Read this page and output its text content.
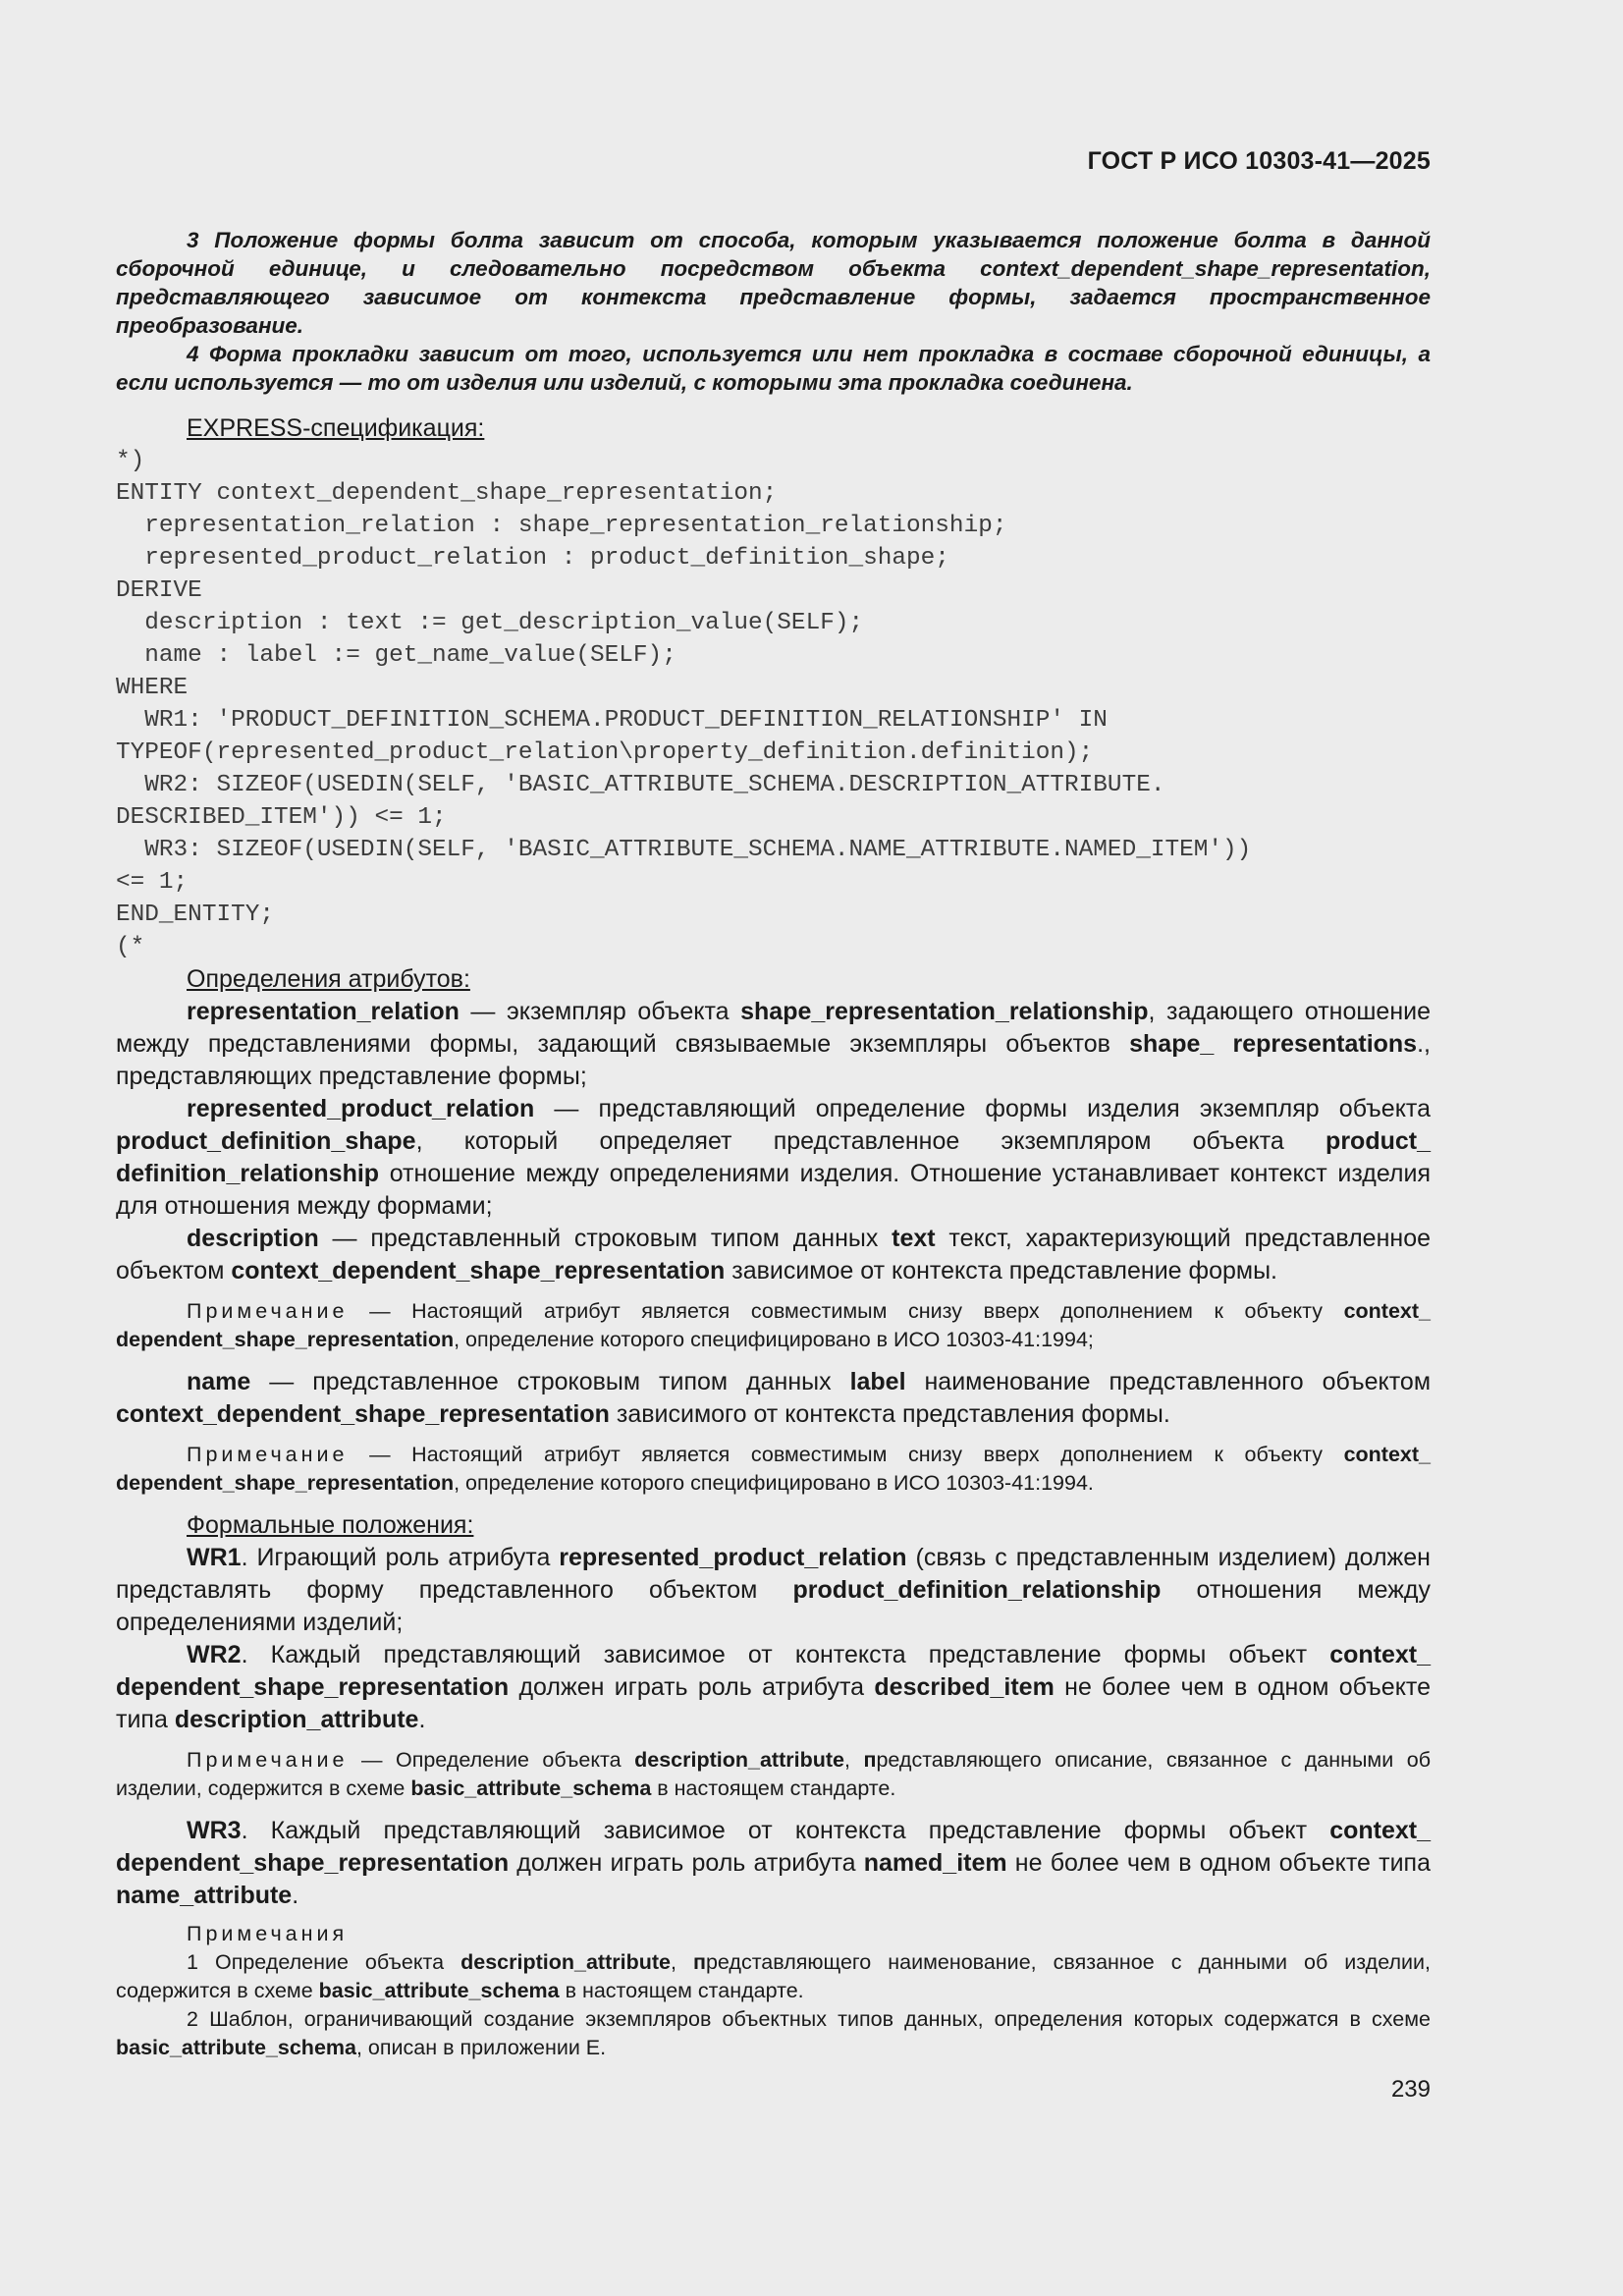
ГОСТ Р ИСО 10303-41—2025

3 Положение формы болта зависит от способа, которым указывается положение болта в данной сборочной единице, и следовательно посредством объекта context_dependent_shape_representation, представляющего зависимое от контекста представление формы, задается пространственное преобразование.

4 Форма прокладки зависит от того, используется или нет прокладка в составе сборочной единицы, а если используется — то от изделия или изделий, с которыми эта прокладка соединена.

EXPRESS-спецификация:

*)
ENTITY context_dependent_shape_representation;
representation_relation : shape_representation_relationship;
represented_product_relation : product_definition_shape;
DERIVE
description : text := get_description_value(SELF);
name : label := get_name_value(SELF);
WHERE
WR1: 'PRODUCT_DEFINITION_SCHEMA.PRODUCT_DEFINITION_RELATIONSHIP' IN
TYPEOF(represented_product_relation\property_definition.definition);
WR2: SIZEOF(USEDIN(SELF, 'BASIC_ATTRIBUTE_SCHEMA.DESCRIPTION_ATTRIBUTE.
DESCRIBED_ITEM')) <= 1;
WR3: SIZEOF(USEDIN(SELF, 'BASIC_ATTRIBUTE_SCHEMA.NAME_ATTRIBUTE.NAMED_ITEM'))
<= 1;
END_ENTITY;
(*

Определения атрибутов:

representation_relation — экземпляр объекта shape_representation_relationship, задающего отношение между представлениями формы, задающий связываемые экземпляры объектов shape_ representations., представляющих представление формы;

represented_product_relation — представляющий определение формы изделия экземпляр объекта product_definition_shape, который определяет представленное экземпляром объекта product_ definition_relationship отношение между определениями изделия. Отношение устанавливает контекст изделия для отношения между формами;

description — представленный строковым типом данных text текст, характеризующий представленное объектом context_dependent_shape_representation зависимое от контекста представление формы.

Примечание — Настоящий атрибут является совместимым снизу вверх дополнением к объекту context_ dependent_shape_representation, определение которого специфицировано в ИСО 10303-41:1994;

name — представленное строковым типом данных label наименование представленного объектом context_dependent_shape_representation зависимого от контекста представления формы.

Примечание — Настоящий атрибут является совместимым снизу вверх дополнением к объекту context_ dependent_shape_representation, определение которого специфицировано в ИСО 10303-41:1994.

Формальные положения:

WR1. Играющий роль атрибута represented_product_relation (связь с представленным изделием) должен представлять форму представленного объектом product_definition_relationship отношения между определениями изделий;

WR2. Каждый представляющий зависимое от контекста представление формы объект context_ dependent_shape_representation должен играть роль атрибута described_item не более чем в одном объекте типа description_attribute.

Примечание — Определение объекта description_attribute, представляющего описание, связанное с данными об изделии, содержится в схеме basic_attribute_schema в настоящем стандарте.

WR3. Каждый представляющий зависимое от контекста представление формы объект context_ dependent_shape_representation должен играть роль атрибута named_item не более чем в одном объекте типа name_attribute.

Примечания

1 Определение объекта description_attribute, представляющего наименование, связанное с данными об изделии, содержится в схеме basic_attribute_schema в настоящем стандарте.

2 Шаблон, ограничивающий создание экземпляров объектных типов данных, определения которых содержатся в схеме basic_attribute_schema, описан в приложении Е.

239
